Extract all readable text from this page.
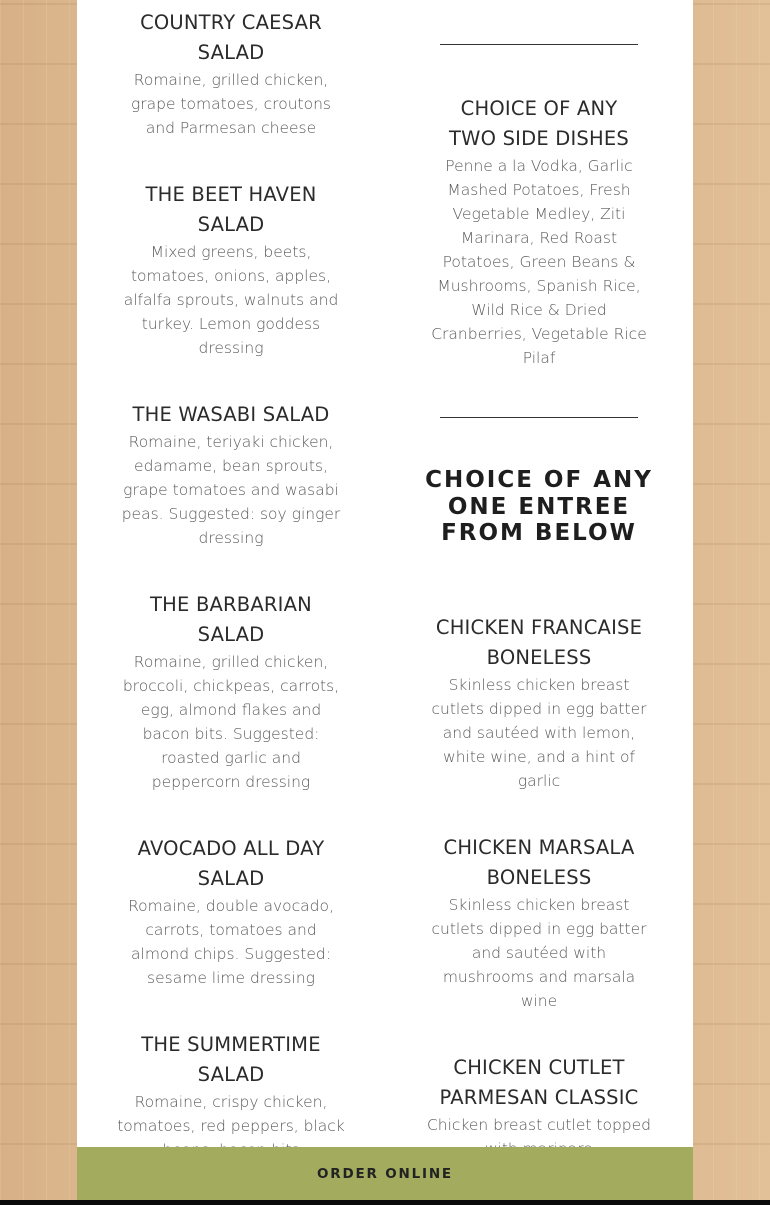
COUNTRY CAESAR SALAD
Romaine, grilled chicken, grape tomatoes, croutons and Parmesan cheese
THE BEET HAVEN SALAD
Mixed greens, beets, tomatoes, onions, apples, alfalfa sprouts, walnuts and turkey. Lemon goddess dressing
THE WASABI SALAD
Romaine, teriyaki chicken, edamame, bean sprouts, grape tomatoes and wasabi peas. Suggested: soy ginger dressing
THE BARBARIAN SALAD
Romaine, grilled chicken, broccoli, chickpeas, carrots, egg, almond flakes and bacon bits. Suggested: roasted garlic and peppercorn dressing
AVOCADO ALL DAY SALAD
Romaine, double avocado, carrots, tomatoes and almond chips. Suggested: sesame lime dressing
THE SUMMERTIME SALAD
Romaine, crispy chicken, tomatoes, red peppers, black
CHOICE OF ANY TWO SIDE DISHES
Penne a la Vodka, Garlic Mashed Potatoes, Fresh Vegetable Medley, Ziti Marinara, Red Roast Potatoes, Green Beans & Mushrooms, Spanish Rice, Wild Rice & Dried Cranberries, Vegetable Rice Pilaf
CHOICE OF ANY ONE ENTREE FROM BELOW
CHICKEN FRANCAISE BONELESS
Skinless chicken breast cutlets dipped in egg batter and sautéed with lemon, white wine, and a hint of garlic
CHICKEN MARSALA BONELESS
Skinless chicken breast cutlets dipped in egg batter and sautéed with mushrooms and marsala wine
CHICKEN CUTLET PARMESAN CLASSIC
Chicken breast cutlet topped
ORDER ONLINE
